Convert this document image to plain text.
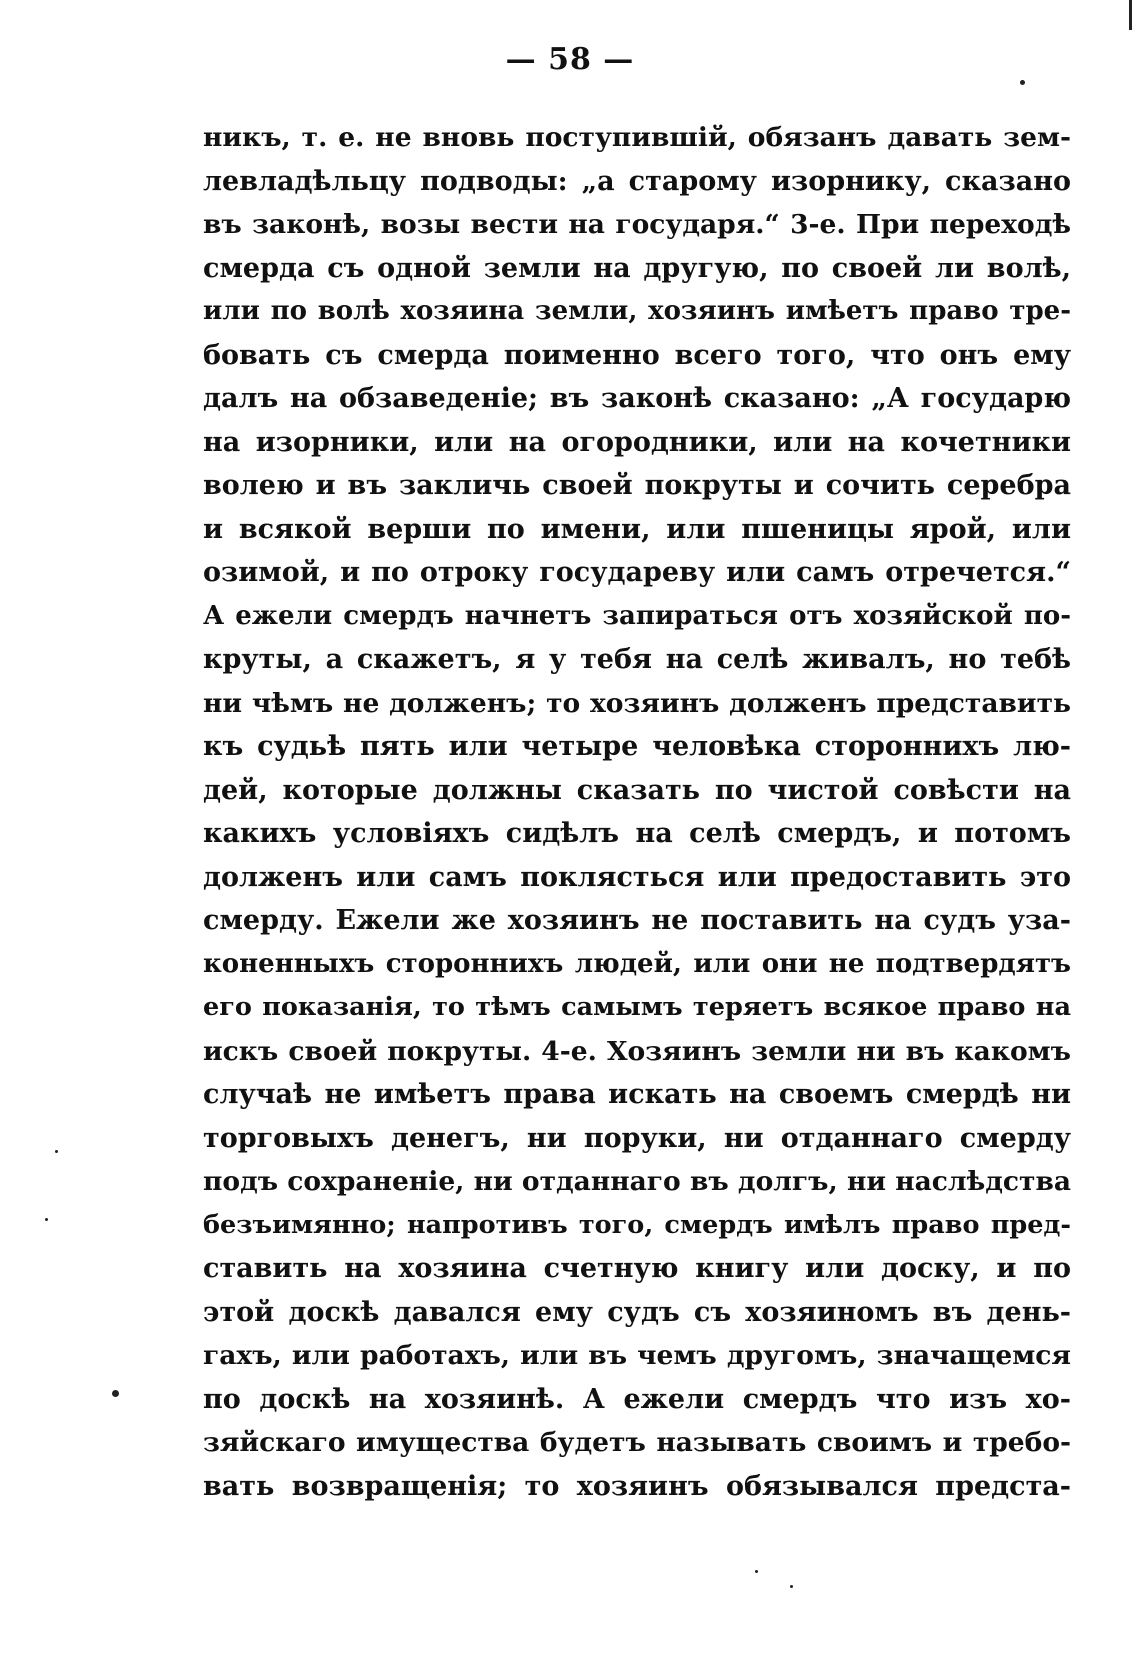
— 58 —
никъ, т. е. не вновь поступившій, обязанъ давать зем-
левладѣльцу подводы: „а старому изорнику, сказано
въ законѣ, возы вести на государя.“ 3-е. При переходѣ
смерда съ одной земли на другую, по своей ли волѣ,
или по волѣ хозяина земли, хозяинъ имѣетъ право тре-
бовать съ смерда поименно всего того, что онъ ему
далъ на обзаведеніе; въ законѣ сказано: „А государю
на изорники, или на огородники, или на кочетники
волею и въ закличь своей покруты и сочить серебра
и всякой верши по имени, или пшеницы ярой, или
озимой, и по отроку государеву или самъ отречется.“
А ежели смердъ начнетъ запираться отъ хозяйской по-
круты, а скажетъ, я у тебя на селѣ живалъ, но тебѣ
ни чѣмъ не долженъ; то хозяинъ долженъ представить
къ судьѣ пять или четыре человѣка стороннихъ лю-
дей, которые должны сказать по чистой совѣсти на
какихъ условіяхъ сидѣлъ на селѣ смердъ, и потомъ
долженъ или самъ поклясться или предоставить это
смерду. Ежели же хозяинъ не поставить на судъ уза-
коненныхъ стороннихъ людей, или они не подтвердятъ
его показанія, то тѣмъ самымъ теряетъ всякое право на
искъ своей покруты. 4-е. Хозяинъ земли ни въ какомъ
случаѣ не имѣетъ права искать на своемъ смердѣ ни
торговыхъ денегъ, ни поруки, ни отданнаго смерду
подъ сохраненіе, ни отданнаго въ долгъ, ни наслѣдства
безъимянно; напротивъ того, смердъ имѣлъ право пред-
ставить на хозяина счетную книгу или доску, и по
этой доскѣ давался ему судъ съ хозяиномъ въ день-
гахъ, или работахъ, или въ чемъ другомъ, значащемся
по доскѣ на хозяинѣ. А ежели смердъ что изъ хо-
зяйскаго имущества будетъ называть своимъ и требо-
вать возвращенія; то хозяинъ обязывался предста-
